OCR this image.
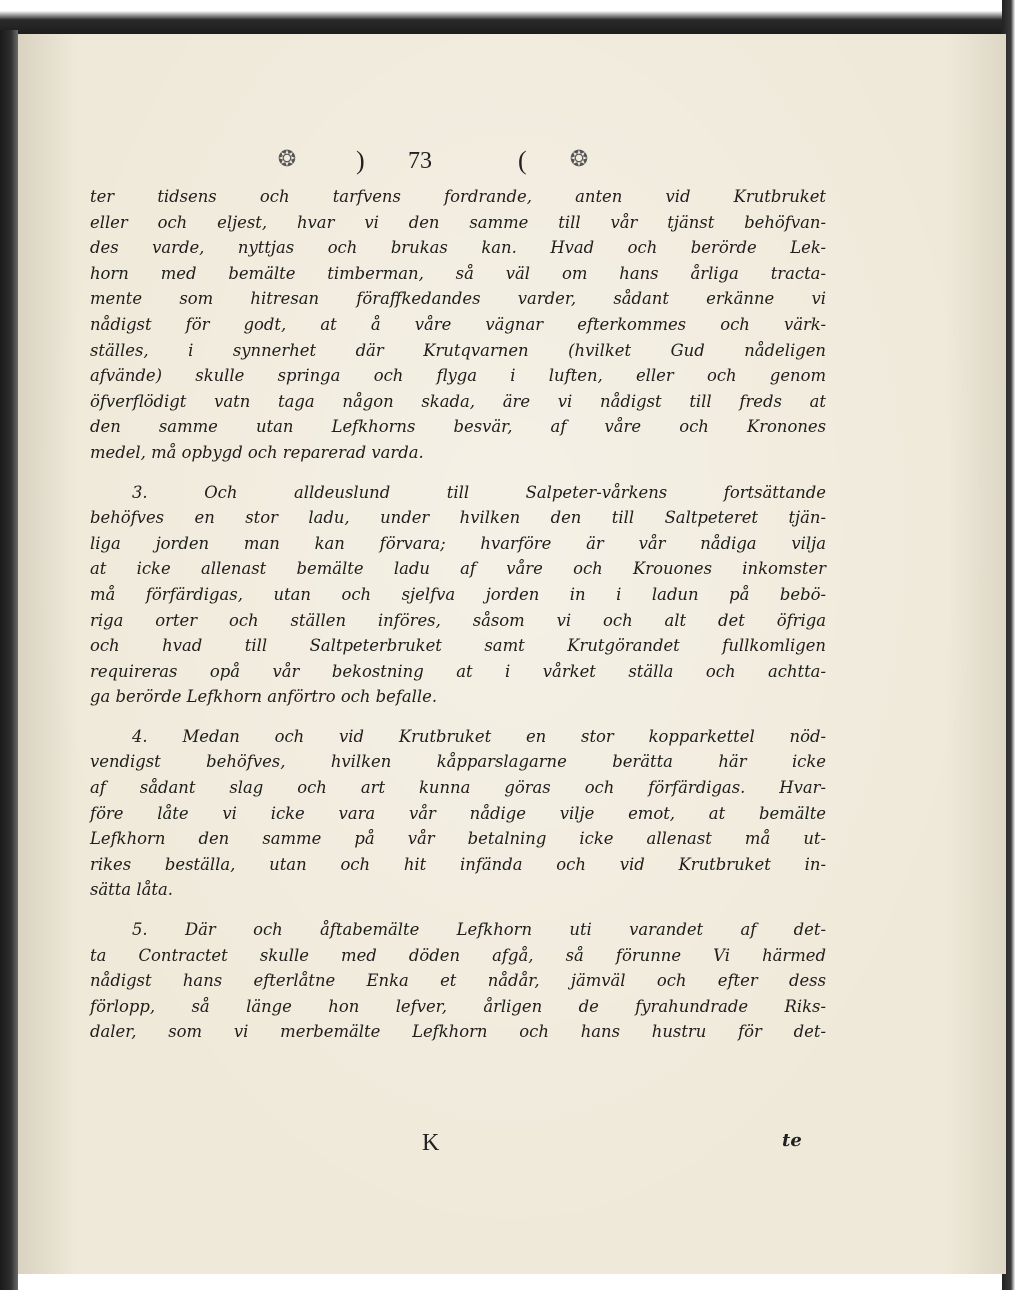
❂ ) 73	( ❂
ter tidsens och tarfvens fordrande, anten vid Krutbruket
eller och eljest, hvar vi den samme till vår tjänst behöfvan-
des varde, nyttjas och brukas kan. Hvad och berörde Lek-
horn med bemälte timberman, så väl om hans årliga tracta-
mente som hitresan föraffkedandes varder, sådant erkänne vi
nådigst för godt, at å våre vägnar efterkommes och värk-
ställes, i synnerhet där Krutqvarnen (hvilket Gud nådeligen
afvände) skulle springa och flyga i luften, eller och genom
öfverflödigt vatn taga någon skada, äre vi nådigst till freds at
den samme utan Lefkhorns besvär, af våre och Kronones
medel, må opbygd och reparerad varda.
3. Och alldeuslund till Salpeter-vårkens fortsättande
behöfves en stor ladu, under hvilken den till Saltpeteret tjän-
liga jorden man kan förvara; hvarföre är vår nådiga vilja
at icke allenast bemälte ladu af våre och Krouones inkomster
må förfärdigas, utan och sjelfva jorden in i ladun på bebö-
riga orter och ställen införes, såsom vi och alt det öfriga
och hvad till Saltpeterbruket samt Krutgörandet fullkomligen
requireras opå vår bekostning at i vårket ställa och achtta-
ga berörde Lefkhorn anförtro och befalle.
4. Medan och vid Krutbruket en stor kopparkettel nöd-
vendigst behöfves, hvilken kåpparslagarne berätta här icke
af sådant slag och art kunna göras och förfärdigas. Hvar-
före låte vi icke vara vår nådige vilje emot, at bemälte
Lefkhorn den samme på vår betalning icke allenast må ut-
rikes beställa, utan och hit infända och vid Krutbruket in-
sätta låta.
5. Där och åftabemälte Lefkhorn uti varandet af det-
ta Contractet skulle med döden afgå, så förunne Vi härmed
nådigst hans efterlåtne Enka et nådår, jämväl och efter dess
förlopp, så länge hon lefver, årligen de fyrahundrade Riks-
daler, som vi merbemälte Lefkhorn och hans hustru för det-
K	te
